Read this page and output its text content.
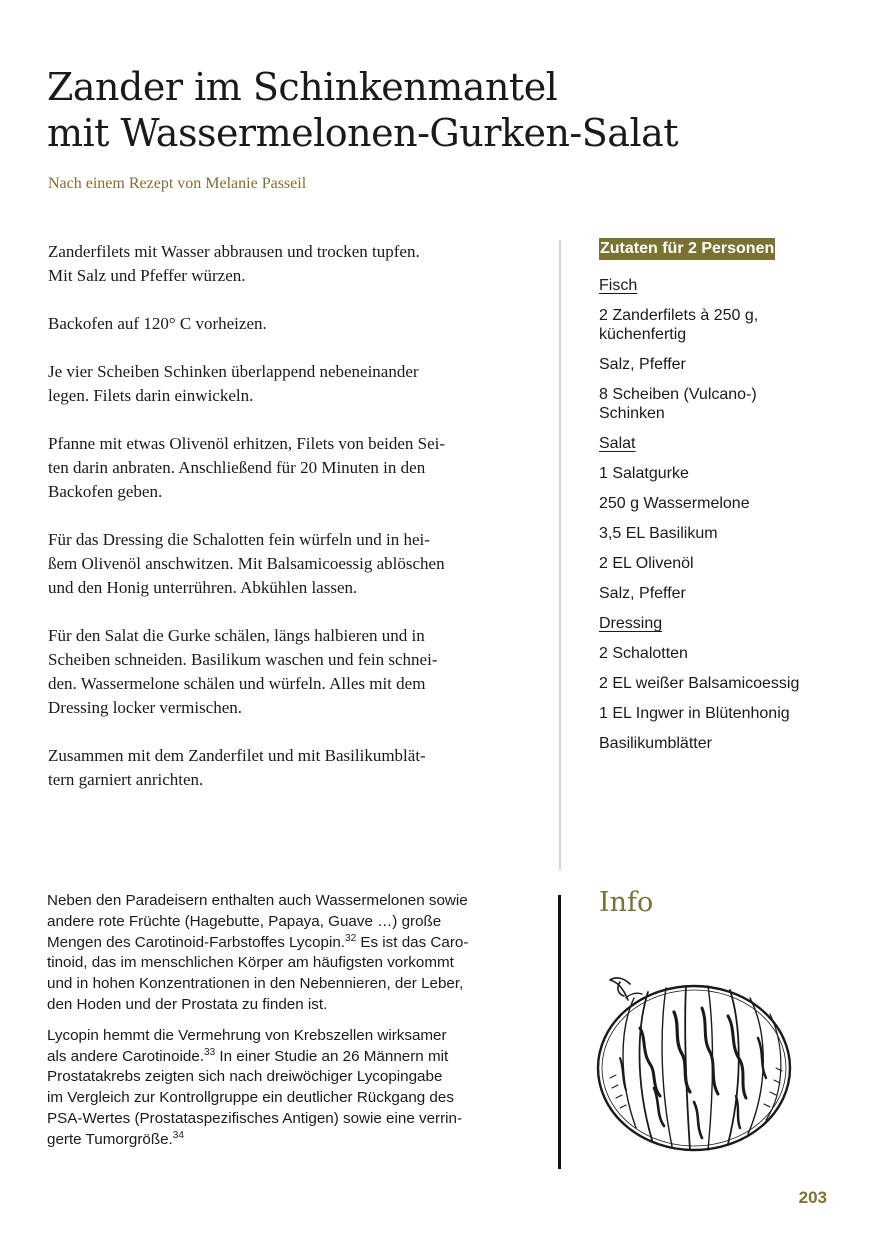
Zander im Schinkenmantel
mit Wassermelonen-Gurken-Salat
Nach einem Rezept von Melanie Passeil

Zanderfilets mit Wasser abbrausen und trocken tupfen.
Mit Salz und Pfeffer würzen.

Backofen auf 120° C vorheizen.

Je vier Scheiben Schinken überlappend nebeneinander
legen. Filets darin einwickeln.

Pfanne mit etwas Olivenöl erhitzen, Filets von beiden Sei-
ten darin anbraten. Anschließend für 20 Minuten in den
Backofen geben.

Für das Dressing die Schalotten fein würfeln und in hei-
ßem Olivenöl anschwitzen. Mit Balsamicoessig ablöschen
und den Honig unterrühren. Abkühlen lassen.

Für den Salat die Gurke schälen, längs halbieren und in
Scheiben schneiden. Basilikum waschen und fein schnei-
den. Wassermelone schälen und würfeln. Alles mit dem
Dressing locker vermischen.

Zusammen mit dem Zanderfilet und mit Basilikumblät-
tern garniert anrichten.

Zutaten für 2 Personen
Fisch
2 Zanderfilets à 250 g,
küchenfertig
Salz, Pfeffer
8 Scheiben (Vulcano-)
Schinken
Salat
1 Salatgurke
250 g Wassermelone
3,5 EL Basilikum
2 EL Olivenöl
Salz, Pfeffer
Dressing
2 Schalotten
2 EL weißer Balsamicoessig
1 EL Ingwer in Blütenhonig
Basilikumblätter

Neben den Paradeisern enthalten auch Wassermelonen sowie
andere rote Früchte (Hagebutte, Papaya, Guave …) große
Mengen des Carotinoid-Farbstoffes Lycopin.$^{32}$ Es ist das Caro-
tinoid, das im menschlichen Körper am häufigsten vorkommt
und in hohen Konzentrationen in den Nebennieren, der Leber,
den Hoden und der Prostata zu finden ist.

Lycopin hemmt die Vermehrung von Krebszellen wirksamer
als andere Carotinoide.$^{33}$ In einer Studie an 26 Männern mit
Prostatakrebs zeigten sich nach dreiwöchiger Lycopingabe
im Vergleich zur Kontrollgruppe ein deutlicher Rückgang des
PSA-Wertes (Prostataspezifisches Antigen) sowie eine verrin-
gerte Tumorgröße.$^{34}$

Info
203
